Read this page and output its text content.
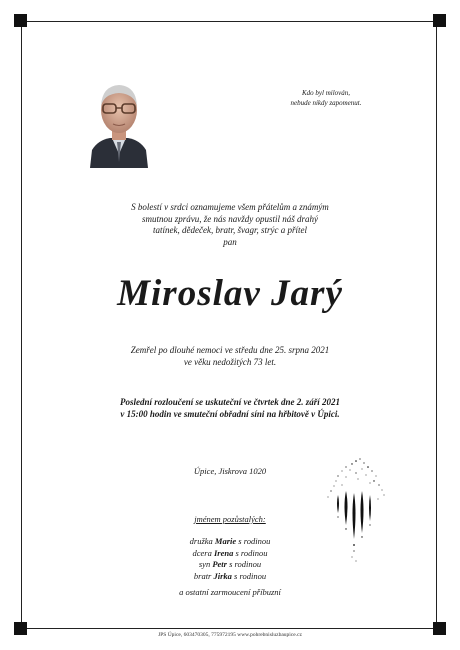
Kdo byl milován,
nebude nikdy zapomenut.
S bolestí v srdci oznamujeme všem přátelům a známým
smutnou zprávu, že nás navždy opustil náš drahý
tatínek, dědeček, bratr, švagr, strýc a přítel
pan
Miroslav Jarý
Zemřel po dlouhé nemoci ve středu dne 25. srpna 2021
ve věku nedožitých 73 let.
Poslední rozloučení se uskuteční ve čtvrtek dne 2. září 2021
v 15:00 hodin ve smuteční obřadní síni na hřbitově v Úpici.
Úpice, Jiskrova 1020
jménem pozůstalých:
družka Marie s rodinou
dcera Irena s rodinou
syn Petr s rodinou
bratr Jirka s rodinou
a ostatní zarmoucení příbuzní
JPS Úpice, 603470305, 775972195 www.pohrebnisluzbaupice.cz
